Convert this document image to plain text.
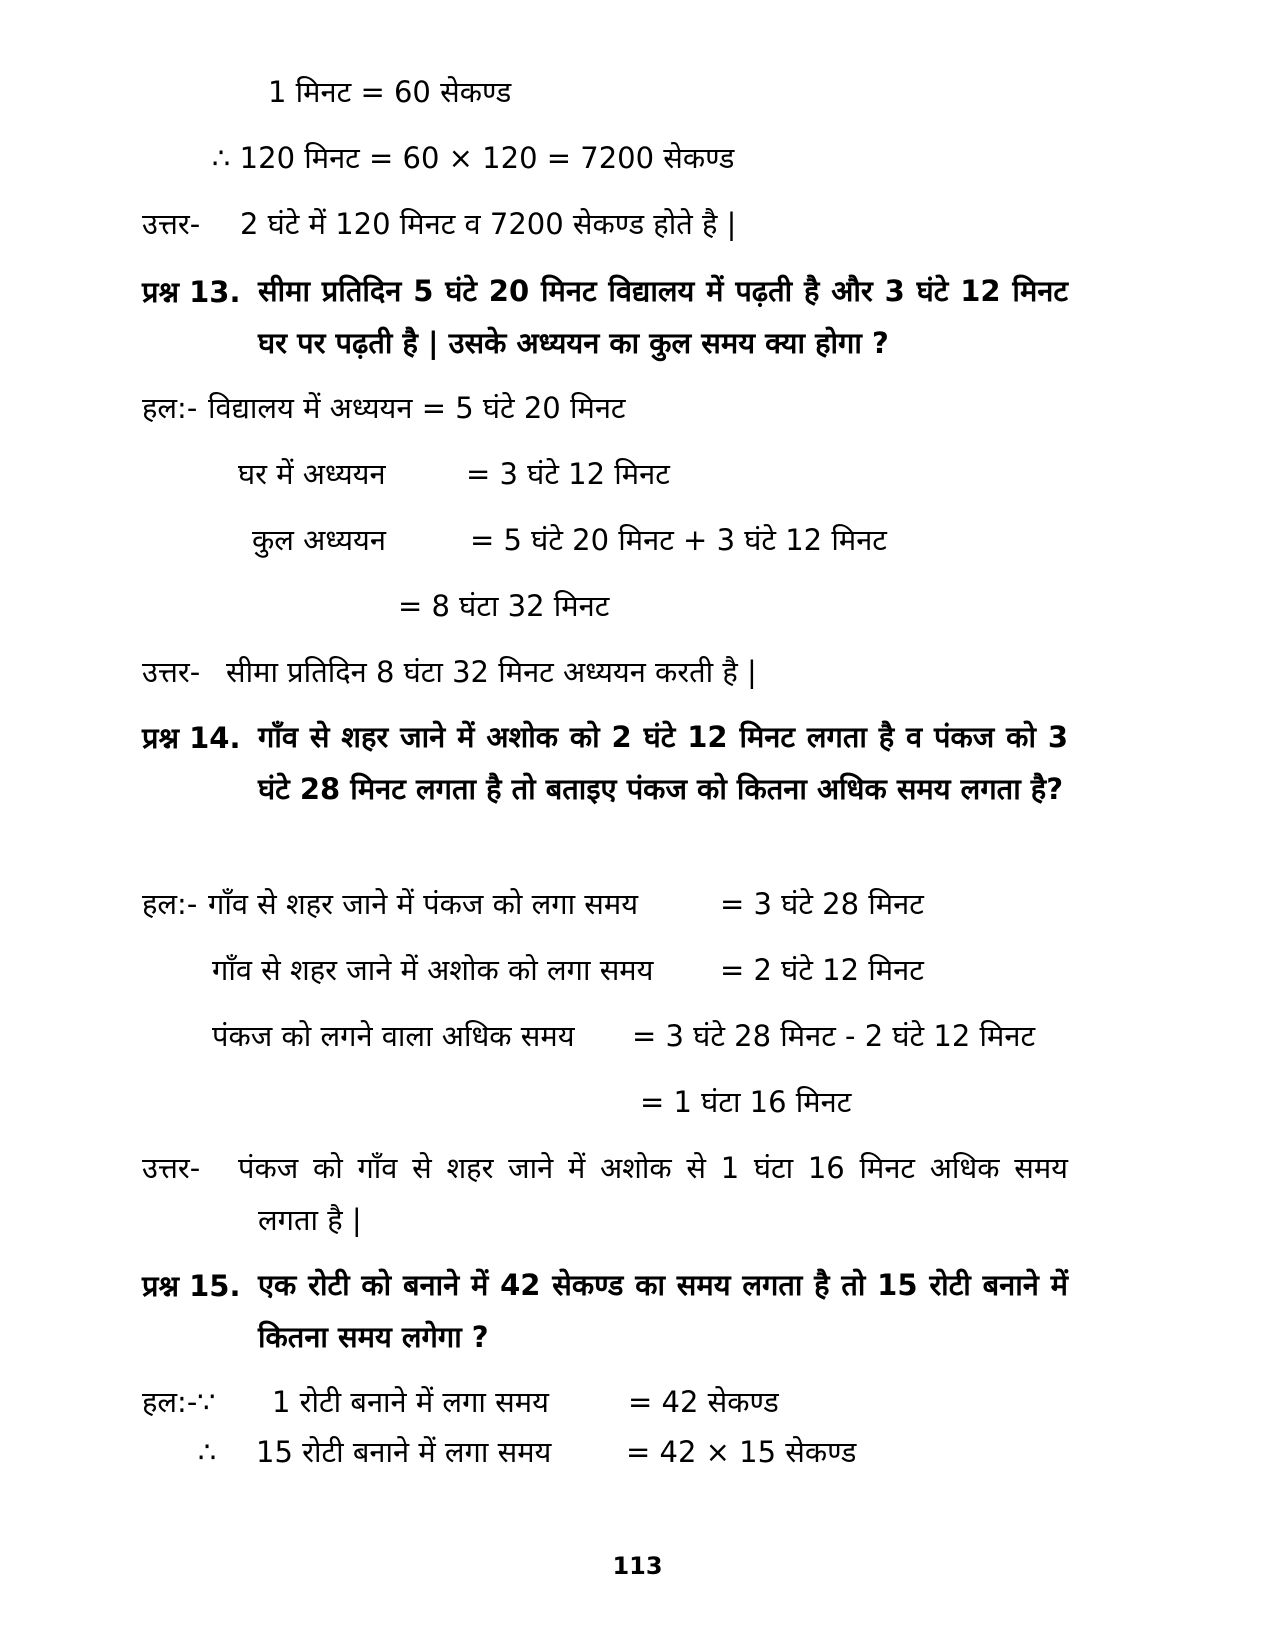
1 मिनट = 60 सेकण्ड
∴ 120 मिनट = 60 × 120 = 7200 सेकण्ड
उत्तर- 2 घंटे में 120 मिनट व 7200 सेकण्ड होते है |
प्रश्न 13. सीमा प्रतिदिन 5 घंटे 20 मिनट विद्यालय में पढ़ती है और 3 घंटे 12 मिनट घर पर पढ़ती है | उसके अध्ययन का कुल समय क्या होगा ?
हल:- विद्यालय में अध्ययन = 5 घंटे 20 मिनट
घर में अध्ययन	= 3 घंटे 12 मिनट
कुल अध्ययन	= 5 घंटे 20 मिनट + 3 घंटे 12 मिनट
= 8 घंटा 32 मिनट
उत्तर- सीमा प्रतिदिन 8 घंटा 32 मिनट अध्ययन करती है |
प्रश्न 14. गाँव से शहर जाने में अशोक को 2 घंटे 12 मिनट लगता है व पंकज को 3 घंटे 28 मिनट लगता है तो बताइए पंकज को कितना अधिक समय लगता है?
हल:- गाँव से शहर जाने में पंकज को लगा समय	= 3 घंटे 28 मिनट
गाँव से शहर जाने में अशोक को लगा समय = 2 घंटे 12 मिनट
पंकज को लगने वाला अधिक समय = 3 घंटे 28 मिनट - 2 घंटे 12 मिनट
= 1 घंटा 16 मिनट
उत्तर- पंकज को गाँव से शहर जाने में अशोक से 1 घंटा 16 मिनट अधिक समय
लगता है |
प्रश्न 15. एक रोटी को बनाने में 42 सेकण्ड का समय लगता है तो 15 रोटी बनाने में कितना समय लगेगा ?
हल:-∵ 1 रोटी बनाने में लगा समय	= 42 सेकण्ड
∴ 15 रोटी बनाने में लगा समय	= 42 × 15 सेकण्ड
113
